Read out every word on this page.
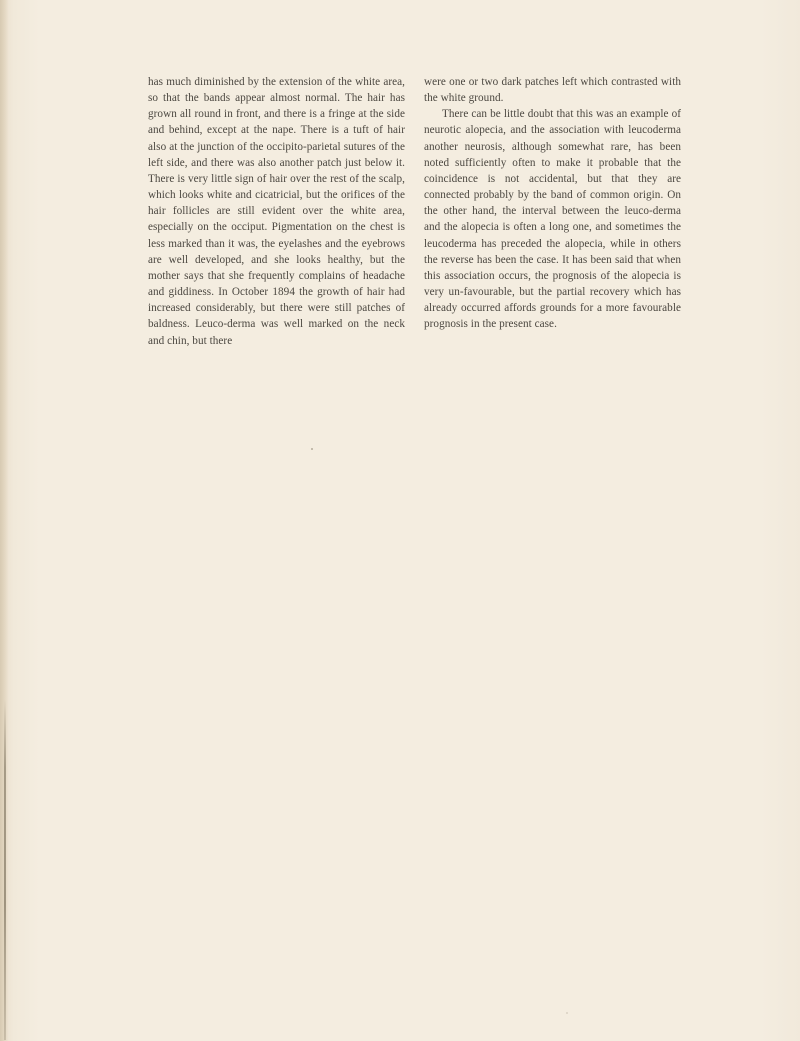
has much diminished by the extension of the white area, so that the bands appear almost normal. The hair has grown all round in front, and there is a fringe at the side and behind, except at the nape. There is a tuft of hair also at the junction of the occipito-parietal sutures of the left side, and there was also another patch just below it. There is very little sign of hair over the rest of the scalp, which looks white and cicatricial, but the orifices of the hair follicles are still evident over the white area, especially on the occiput. Pigmentation on the chest is less marked than it was, the eyelashes and the eyebrows are well developed, and she looks healthy, but the mother says that she frequently complains of headache and giddiness. In October 1894 the growth of hair had increased considerably, but there were still patches of baldness. Leuco-derma was well marked on the neck and chin, but there

were one or two dark patches left which contrasted with the white ground.

There can be little doubt that this was an example of neurotic alopecia, and the association with leucoderma another neurosis, although somewhat rare, has been noted sufficiently often to make it probable that the coincidence is not accidental, but that they are connected probably by the band of common origin. On the other hand, the interval between the leuco-derma and the alopecia is often a long one, and sometimes the leucoderma has preceded the alopecia, while in others the reverse has been the case. It has been said that when this association occurs, the prognosis of the alopecia is very un-favourable, but the partial recovery which has already occurred affords grounds for a more favourable prognosis in the present case.
